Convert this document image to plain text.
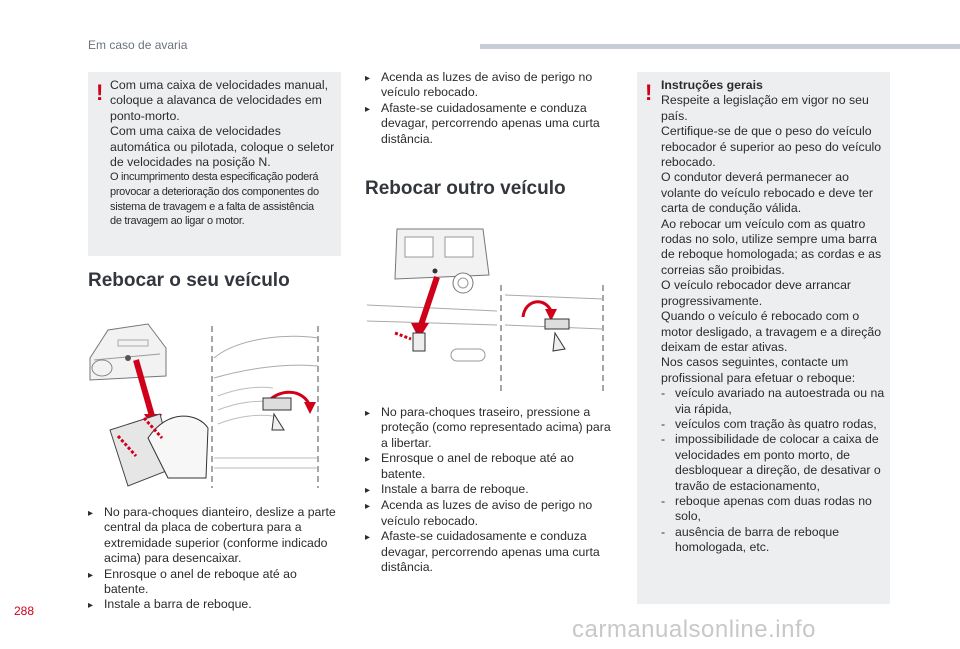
Em caso de avaria
! Com uma caixa de velocidades manual,
coloque a alavanca de velocidades em
ponto-morto.
Com uma caixa de velocidades
automática ou pilotada, coloque o seletor
de velocidades na posição N.
O incumprimento desta especificação poderá
provocar a deterioração dos componentes do
sistema de travagem e a falta de assistência
de travagem ao ligar o motor.
Rebocar o seu veículo
▸ No para-choques dianteiro, deslize a parte central da placa de cobertura para a extremidade superior (conforme indicado acima) para desencaixar.
▸ Enrosque o anel de reboque até ao batente.
▸ Instale a barra de reboque.
▸ Acenda as luzes de aviso de perigo no veículo rebocado.
▸ Afaste-se cuidadosamente e conduza devagar, percorrendo apenas uma curta distância.
Rebocar outro veículo
▸ No para-choques traseiro, pressione a proteção (como representado acima) para a libertar.
▸ Enrosque o anel de reboque até ao batente.
▸ Instale a barra de reboque.
▸ Acenda as luzes de aviso de perigo no veículo rebocado.
▸ Afaste-se cuidadosamente e conduza devagar, percorrendo apenas uma curta distância.
! Instruções gerais
Respeite a legislação em vigor no seu país.
Certifique-se de que o peso do veículo rebocador é superior ao peso do veículo rebocado.
O condutor deverá permanecer ao volante do veículo rebocado e deve ter carta de condução válida.
Ao rebocar um veículo com as quatro rodas no solo, utilize sempre uma barra de reboque homologada; as cordas e as correias são proibidas.
O veículo rebocador deve arrancar progressivamente.
Quando o veículo é rebocado com o motor desligado, a travagem e a direção deixam de estar ativas.
Nos casos seguintes, contacte um profissional para efetuar o reboque:
- veículo avariado na autoestrada ou na via rápida,
- veículos com tração às quatro rodas,
- impossibilidade de colocar a caixa de velocidades em ponto morto, de desbloquear a direção, de desativar o travão de estacionamento,
- reboque apenas com duas rodas no solo,
- ausência de barra de reboque homologada, etc.
288
carmanualsonline.info
